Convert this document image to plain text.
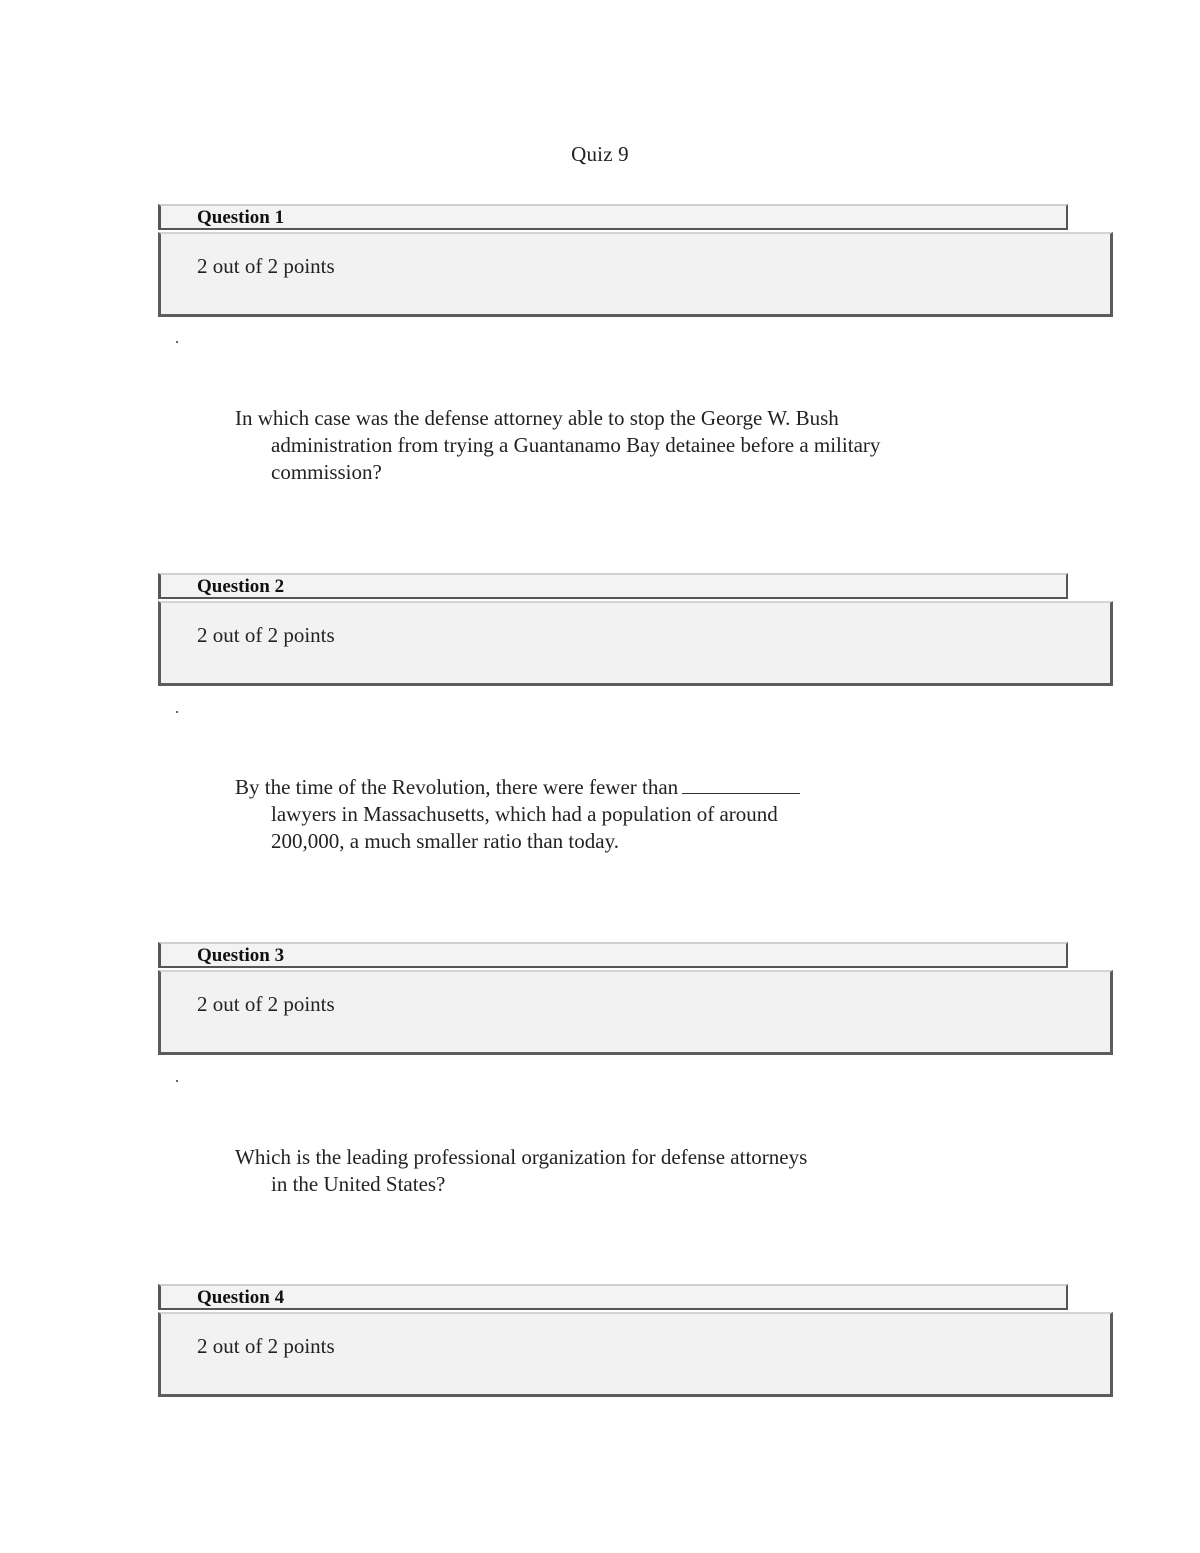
Quiz 9
Question 1
2 out of 2 points
In which case was the defense attorney able to stop the George W. Bush
administration from trying a Guantanamo Bay detainee before a military
commission?
Question 2
2 out of 2 points
By the time of the Revolution, there were fewer than
lawyers in Massachusetts, which had a population of around
200,000, a much smaller ratio than today.
Question 3
2 out of 2 points
Which is the leading professional organization for defense attorneys
in the United States?
Question 4
2 out of 2 points
